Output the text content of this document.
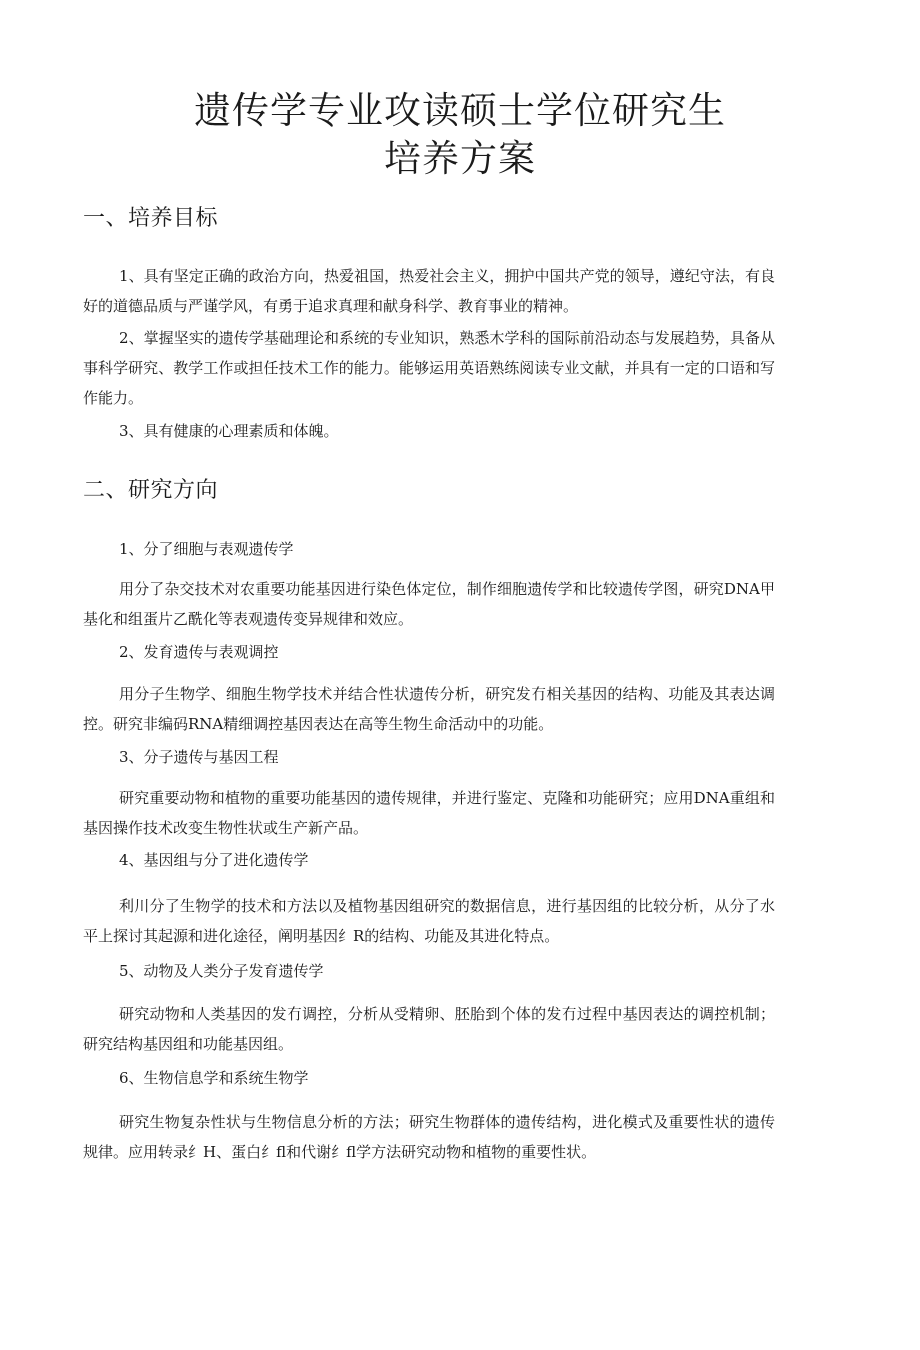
遗传学专业攻读硕士学位研究生
培养方案
一、培养目标
1、具有坚定正确的政治方向，热爱祖国，热爱社会主义，拥护中国共产党的领导，遵纪守法，有良好的道德品质与严谨学风，有勇于追求真理和献身科学、教育事业的精神。
2、掌握坚实的遗传学基础理论和系统的专业知识，熟悉木学科的国际前沿动态与发展趋势，具备从事科学研究、教学工作或担任技术工作的能力。能够运用英语熟练阅读专业文献，并具有一定的口语和写作能力。
3、具有健康的心理素质和体魄。
二、研究方向
1、分了细胞与表观遗传学
用分了杂交技术对农重要功能基因进行染色体定位，制作细胞遗传学和比较遗传学图，研究DNA甲基化和组蛋片乙酰化等表观遗传变异规律和效应。
2、发育遗传与表观调控
用分子生物学、细胞生物学技术并结合性状遗传分析，研究发冇相关基因的结构、功能及其表达调控。研究非编码RNA精细调控基因表达在高等生物生命活动中的功能。
3、分子遗传与基因工程
研究重要动物和植物的重要功能基因的遗传规律，并进行鉴定、克隆和功能研究；应用DNA重组和基因操作技术改变生物性状或生产新产品。
4、基因组与分了进化遗传学
利川分了生物学的技术和方法以及植物基因组研究的数据信息，进行基因组的比较分析，从分了水平上探讨其起源和进化途径，阐明基因纟R的结构、功能及其进化特点。
5、动物及人类分子发育遗传学
研究动物和人类基因的发冇调控，分析从受精卵、胚胎到个体的发冇过程中基因表达的调控机制；研究结构基因组和功能基因组。
6、生物信息学和系统生物学
研究生物复杂性状与生物信息分析的方法；研究生物群体的遗传结构，进化模式及重要性状的遗传规律。应用转录纟H、蛋白纟fl和代谢纟fl学方法研究动物和植物的重要性状。
